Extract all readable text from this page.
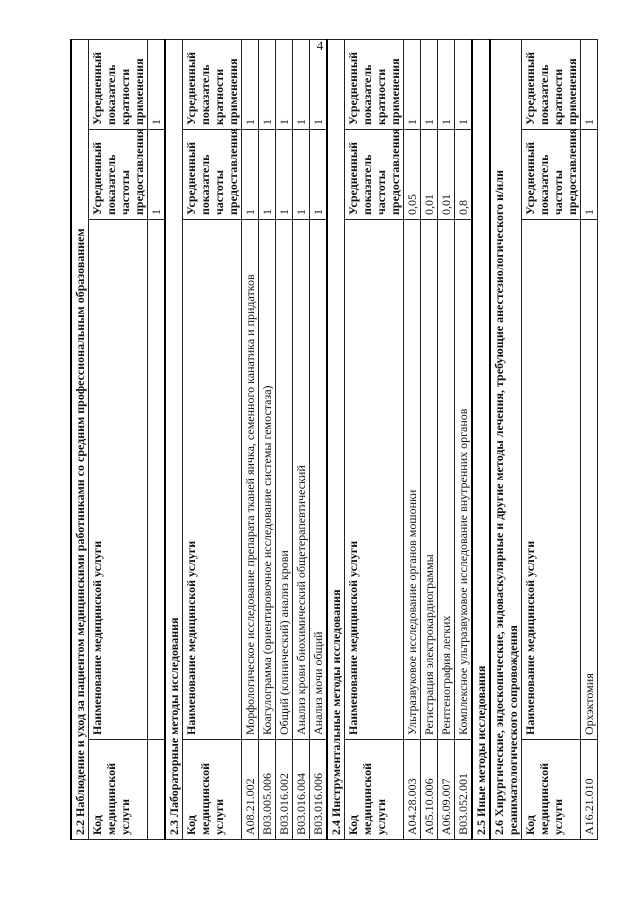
4
2.2 Наблюдение и уход за пациентом медицинскими работниками со средним профессиональным образованием			
Код медицинской услуги	Наименование медицинской услуги	Усредненный показатель частоты предоставления	Усредненный показатель кратности применения
		1	1
2.3 Лабораторные методы исследования			
Код медицинской услуги	Наименование медицинской услуги	Усредненный показатель частоты предоставления	Усредненный показатель кратности применения
A08.21.002	Морфологическое исследование препарата тканей яичка, семенного канатика и придатков	1	1
B03.005.006	Коагулограмма (ориентировочное исследование системы гемостаза)	1	1
B03.016.002	Общий (клинический) анализ крови	1	1
B03.016.004	Анализ крови биохимический общетерапевтический	1	1
B03.016.006	Анализ мочи общий	1	1
2.4 Инструментальные методы исследования			
Код медицинской услуги	Наименование медицинской услуги	Усредненный показатель частоты предоставления	Усредненный показатель кратности применения
A04.28.003	Ультразвуковое исследование органов мошонки	0,05	1
A05.10.006	Регистрация электрокардиограммы	0,01	1
A06.09.007	Рентгенография легких	0,01	1
B03.052.001	Комплексное ультразвуковое исследование внутренних органов	0,8	1
2.5 Иные методы исследования			
2.6 Хирургические, эндоскопические, эндоваскулярные и другие методы лечения, требующие анестезиологического и/или реаниматологического сопровождения			
Код медицинской услуги	Наименование медицинской услуги	Усредненный показатель частоты предоставления	Усредненный показатель кратности применения
A16.21.010	Орхэктомия	1	1
